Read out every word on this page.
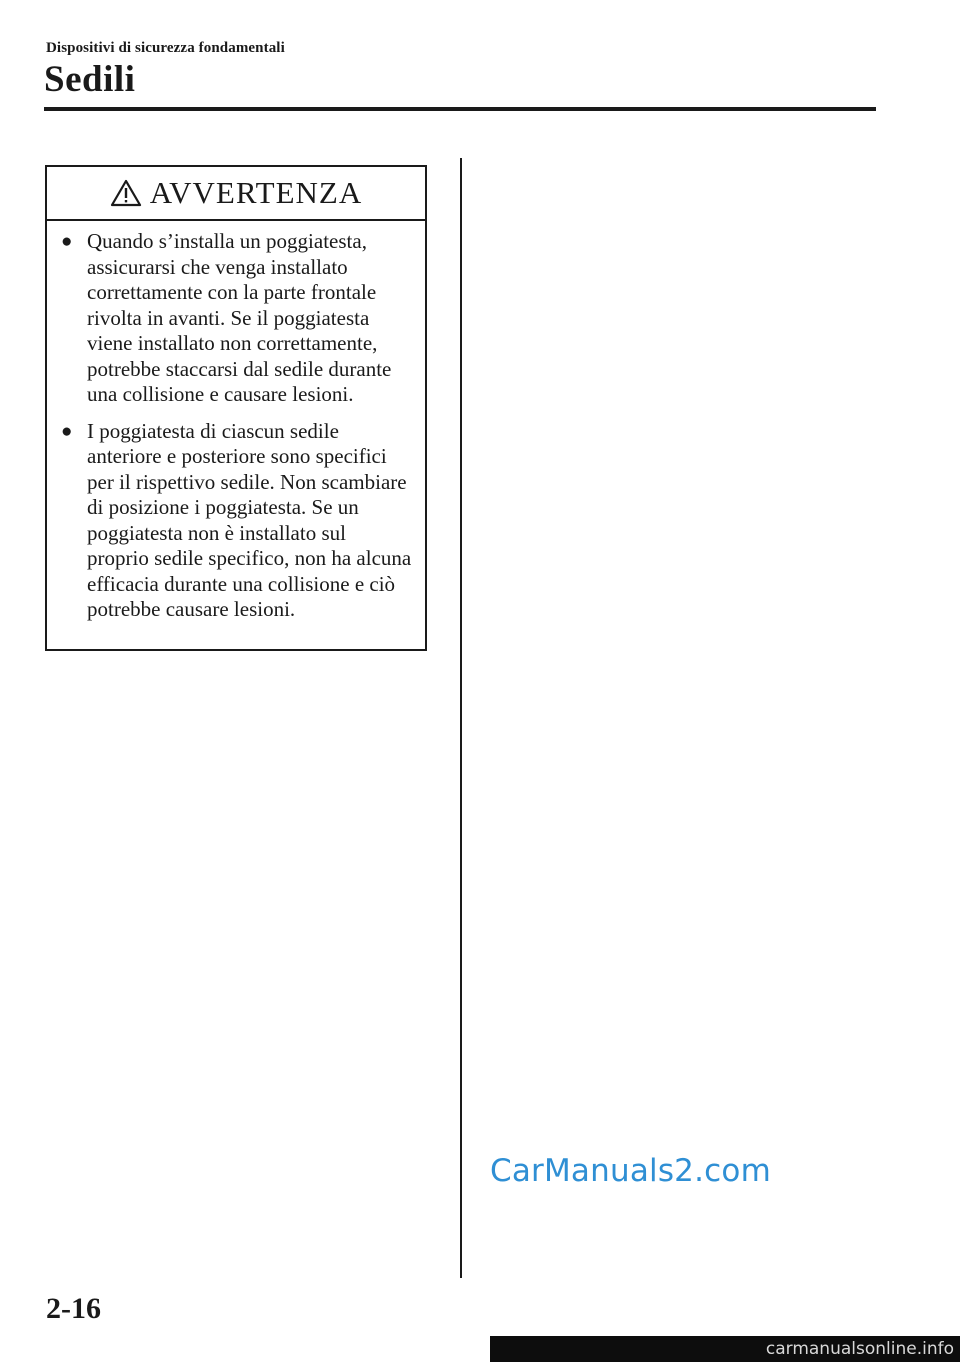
Dispositivi di sicurezza fondamentali
Sedili
AVVERTENZA
● Quando s’installa un poggiatesta, assicurarsi che venga installato correttamente con la parte frontale rivolta in avanti. Se il poggiatesta viene installato non correttamente, potrebbe staccarsi dal sedile durante una collisione e causare lesioni.
● I poggiatesta di ciascun sedile anteriore e posteriore sono specifici per il rispettivo sedile. Non scambiare di posizione i poggiatesta. Se un poggiatesta non è installato sul proprio sedile specifico, non ha alcuna efficacia durante una collisione e ciò potrebbe causare lesioni.
CarManuals2.com
2-16
carmanualsonline.info
